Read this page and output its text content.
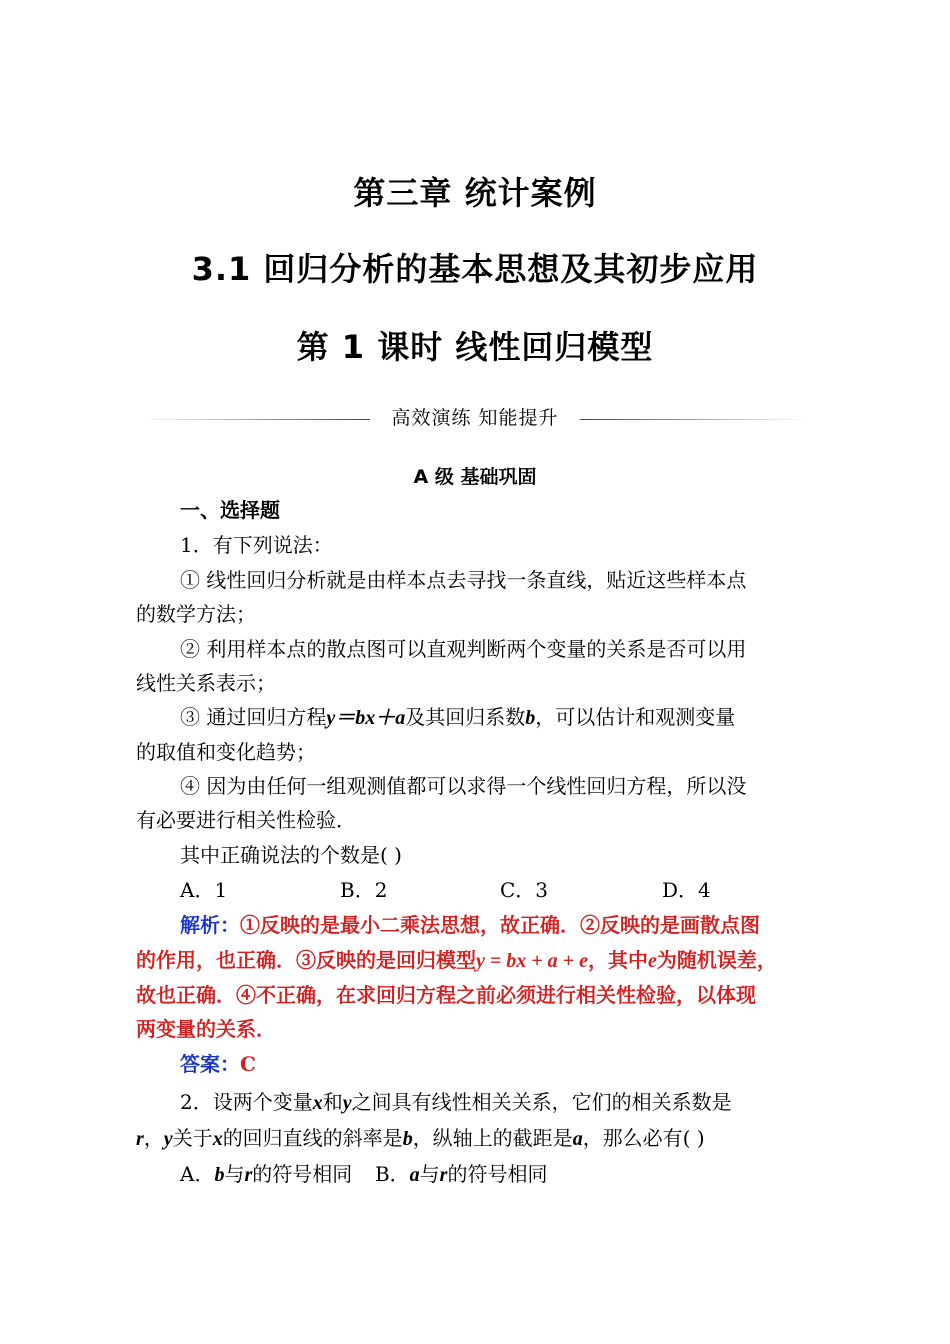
第三章 统计案例
3.1 回归分析的基本思想及其初步应用
第 1 课时 线性回归模型
高效演练 知能提升
A 级 基础巩固
一、选择题
1．有下列说法：
① 线性回归分析就是由样本点去寻找一条直线，贴近这些样本点
的数学方法；
② 利用样本点的散点图可以直观判断两个变量的关系是否可以用
线性关系表示；
③ 通过回归方程y＝bx＋a及其回归系数b，可以估计和观测变量
的取值和变化趋势；
④ 因为由任何一组观测值都可以求得一个线性回归方程，所以没
有必要进行相关性检验．
其中正确说法的个数是( )
A．1	B．2	C．3	D．4
解析：①反映的是最小二乘法思想，故正确．②反映的是画散点图
的作用，也正确．③反映的是回归模型y = bx + a + e，其中e为随机误差，
故也正确．④不正确，在求回归方程之前必须进行相关性检验，以体现
两变量的关系．
答案：C
2．设两个变量x和y之间具有线性相关关系，它们的相关系数是
r，y关于x的回归直线的斜率是b，纵轴上的截距是a，那么必有( )
A．b与r的符号相同 B．a与r的符号相同
